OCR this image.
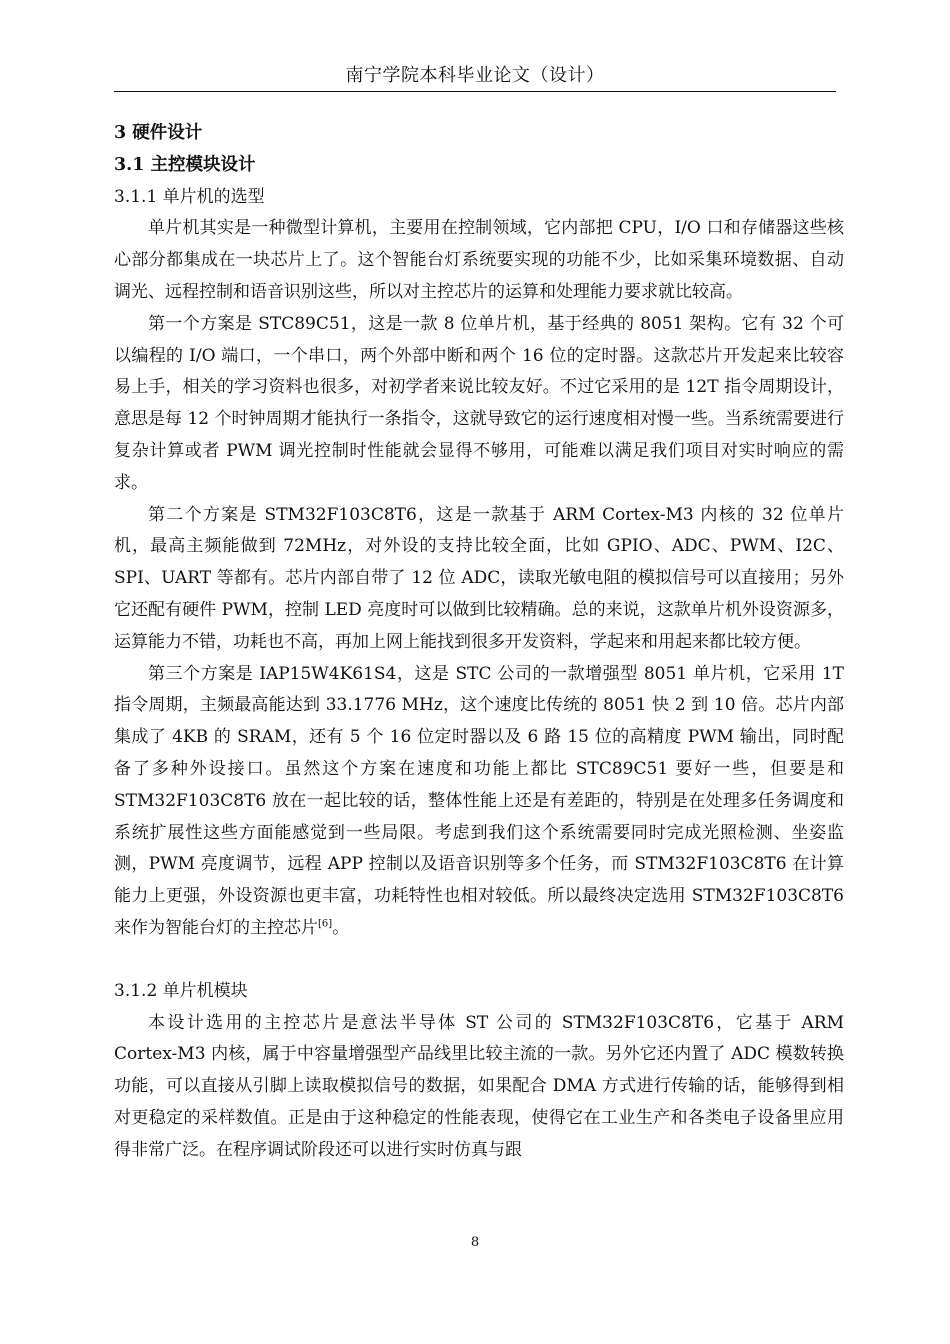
南宁学院本科毕业论文（设计）

3 硬件设计

3.1 主控模块设计

3.1.1 单片机的选型

单片机其实是一种微型计算机，主要用在控制领域，它内部把 CPU，I/O 口和存储器这些核心部分都集成在一块芯片上了。这个智能台灯系统要实现的功能不少，比如采集环境数据、自动调光、远程控制和语音识别这些，所以对主控芯片的运算和处理能力要求就比较高。

第一个方案是 STC89C51，这是一款 8 位单片机，基于经典的 8051 架构。它有 32 个可以编程的 I/O 端口，一个串口，两个外部中断和两个 16 位的定时器。这款芯片开发起来比较容易上手，相关的学习资料也很多，对初学者来说比较友好。不过它采用的是 12T 指令周期设计，意思是每 12 个时钟周期才能执行一条指令，这就导致它的运行速度相对慢一些。当系统需要进行复杂计算或者 PWM 调光控制时性能就会显得不够用，可能难以满足我们项目对实时响应的需求。

第二个方案是 STM32F103C8T6，这是一款基于 ARM Cortex-M3 内核的 32 位单片机，最高主频能做到 72MHz，对外设的支持比较全面，比如 GPIO、ADC、PWM、I2C、SPI、UART 等都有。芯片内部自带了 12 位 ADC，读取光敏电阻的模拟信号可以直接用；另外它还配有硬件 PWM，控制 LED 亮度时可以做到比较精确。总的来说，这款单片机外设资源多，运算能力不错，功耗也不高，再加上网上能找到很多开发资料，学起来和用起来都比较方便。

第三个方案是 IAP15W4K61S4，这是 STC 公司的一款增强型 8051 单片机，它采用 1T 指令周期，主频最高能达到 33.1776 MHz，这个速度比传统的 8051 快 2 到 10 倍。芯片内部集成了 4KB 的 SRAM，还有 5 个 16 位定时器以及 6 路 15 位的高精度 PWM 输出，同时配备了多种外设接口。虽然这个方案在速度和功能上都比 STC89C51 要好一些，但要是和 STM32F103C8T6 放在一起比较的话，整体性能上还是有差距的，特别是在处理多任务调度和系统扩展性这些方面能感觉到一些局限。考虑到我们这个系统需要同时完成光照检测、坐姿监测，PWM 亮度调节，远程 APP 控制以及语音识别等多个任务，而 STM32F103C8T6 在计算能力上更强，外设资源也更丰富，功耗特性也相对较低。所以最终决定选用 STM32F103C8T6 来作为智能台灯的主控芯片[6]。

3.1.2 单片机模块

本设计选用的主控芯片是意法半导体 ST 公司的 STM32F103C8T6，它基于 ARM Cortex-M3 内核，属于中容量增强型产品线里比较主流的一款。另外它还内置了 ADC 模数转换功能，可以直接从引脚上读取模拟信号的数据，如果配合 DMA 方式进行传输的话，能够得到相对更稳定的采样数值。正是由于这种稳定的性能表现，使得它在工业生产和各类电子设备里应用得非常广泛。在程序调试阶段还可以进行实时仿真与跟

8
